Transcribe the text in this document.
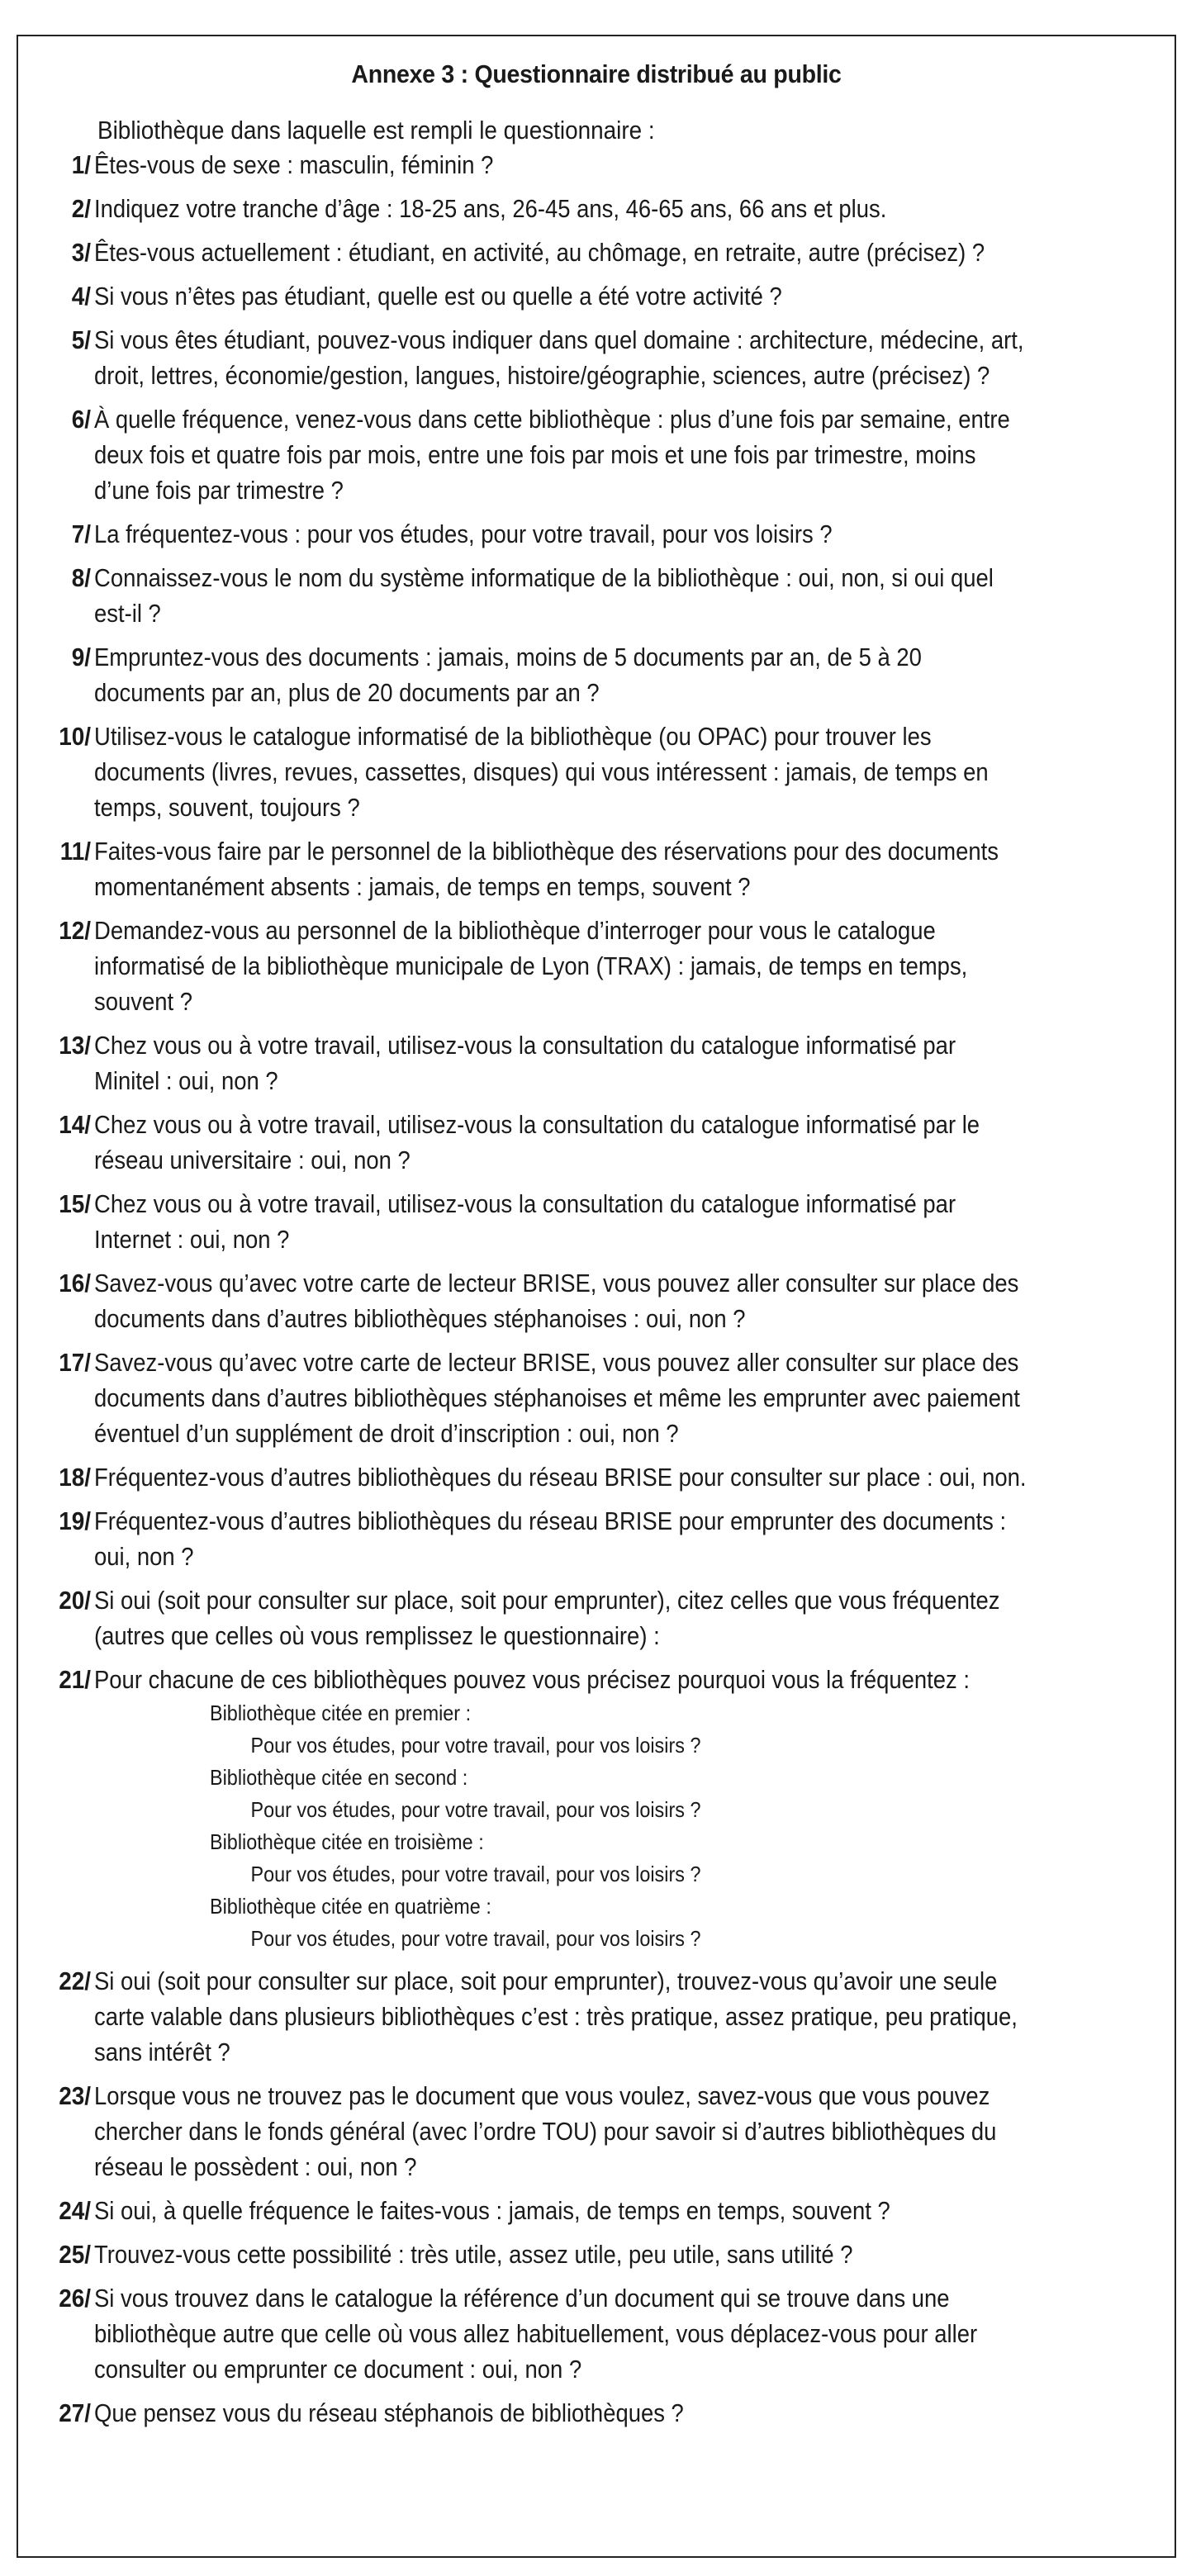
Annexe 3 : Questionnaire distribué au public
Bibliothèque dans laquelle est rempli le questionnaire :
1/ Êtes-vous de sexe : masculin, féminin ?
2/ Indiquez votre tranche d’âge : 18-25 ans, 26-45 ans, 46-65 ans, 66 ans et plus.
3/ Êtes-vous actuellement : étudiant, en activité, au chômage, en retraite, autre (précisez) ?
4/ Si vous n’êtes pas étudiant, quelle est ou quelle a été votre activité ?
5/ Si vous êtes étudiant, pouvez-vous indiquer dans quel domaine : architecture, médecine, art,
droit, lettres, économie/gestion, langues, histoire/géographie, sciences, autre (précisez) ?
6/ À quelle fréquence, venez-vous dans cette bibliothèque : plus d’une fois par semaine, entre
deux fois et quatre fois par mois, entre une fois par mois et une fois par trimestre, moins
d’une fois par trimestre ?
7/ La fréquentez-vous : pour vos études, pour votre travail, pour vos loisirs ?
8/ Connaissez-vous le nom du système informatique de la bibliothèque : oui, non, si oui quel
est-il ?
9/ Empruntez-vous des documents : jamais, moins de 5 documents par an, de 5 à 20
documents par an, plus de 20 documents par an ?
10/ Utilisez-vous le catalogue informatisé de la bibliothèque (ou OPAC) pour trouver les
documents (livres, revues, cassettes, disques) qui vous intéressent : jamais, de temps en
temps, souvent, toujours ?
11/ Faites-vous faire par le personnel de la bibliothèque des réservations pour des documents
momentanément absents : jamais, de temps en temps, souvent ?
12/ Demandez-vous au personnel de la bibliothèque d’interroger pour vous le catalogue
informatisé de la bibliothèque municipale de Lyon (TRAX) : jamais, de temps en temps,
souvent ?
13/ Chez vous ou à votre travail, utilisez-vous la consultation du catalogue informatisé par
Minitel : oui, non ?
14/ Chez vous ou à votre travail, utilisez-vous la consultation du catalogue informatisé par le
réseau universitaire : oui, non ?
15/ Chez vous ou à votre travail, utilisez-vous la consultation du catalogue informatisé par
Internet : oui, non ?
16/ Savez-vous qu’avec votre carte de lecteur BRISE, vous pouvez aller consulter sur place des
documents dans d’autres bibliothèques stéphanoises : oui, non ?
17/ Savez-vous qu’avec votre carte de lecteur BRISE, vous pouvez aller consulter sur place des
documents dans d’autres bibliothèques stéphanoises et même les emprunter avec paiement
éventuel d’un supplément de droit d’inscription : oui, non ?
18/ Fréquentez-vous d’autres bibliothèques du réseau BRISE pour consulter sur place : oui, non.
19/ Fréquentez-vous d’autres bibliothèques du réseau BRISE pour emprunter des documents :
oui, non ?
20/ Si oui (soit pour consulter sur place, soit pour emprunter), citez celles que vous fréquentez
(autres que celles où vous remplissez le questionnaire) :
21/ Pour chacune de ces bibliothèques pouvez vous précisez pourquoi vous la fréquentez :
Bibliothèque citée en premier :
Pour vos études, pour votre travail, pour vos loisirs ?
Bibliothèque citée en second :
Pour vos études, pour votre travail, pour vos loisirs ?
Bibliothèque citée en troisième :
Pour vos études, pour votre travail, pour vos loisirs ?
Bibliothèque citée en quatrième :
Pour vos études, pour votre travail, pour vos loisirs ?
22/ Si oui (soit pour consulter sur place, soit pour emprunter), trouvez-vous qu’avoir une seule
carte valable dans plusieurs bibliothèques c’est : très pratique, assez pratique, peu pratique,
sans intérêt ?
23/ Lorsque vous ne trouvez pas le document que vous voulez, savez-vous que vous pouvez
chercher dans le fonds général (avec l’ordre TOU) pour savoir si d’autres bibliothèques du
réseau le possèdent : oui, non ?
24/ Si oui, à quelle fréquence le faites-vous : jamais, de temps en temps, souvent ?
25/ Trouvez-vous cette possibilité : très utile, assez utile, peu utile, sans utilité ?
26/ Si vous trouvez dans le catalogue la référence d’un document qui se trouve dans une
bibliothèque autre que celle où vous allez habituellement, vous déplacez-vous pour aller
consulter ou emprunter ce document : oui, non ?
27/ Que pensez vous du réseau stéphanois de bibliothèques ?
